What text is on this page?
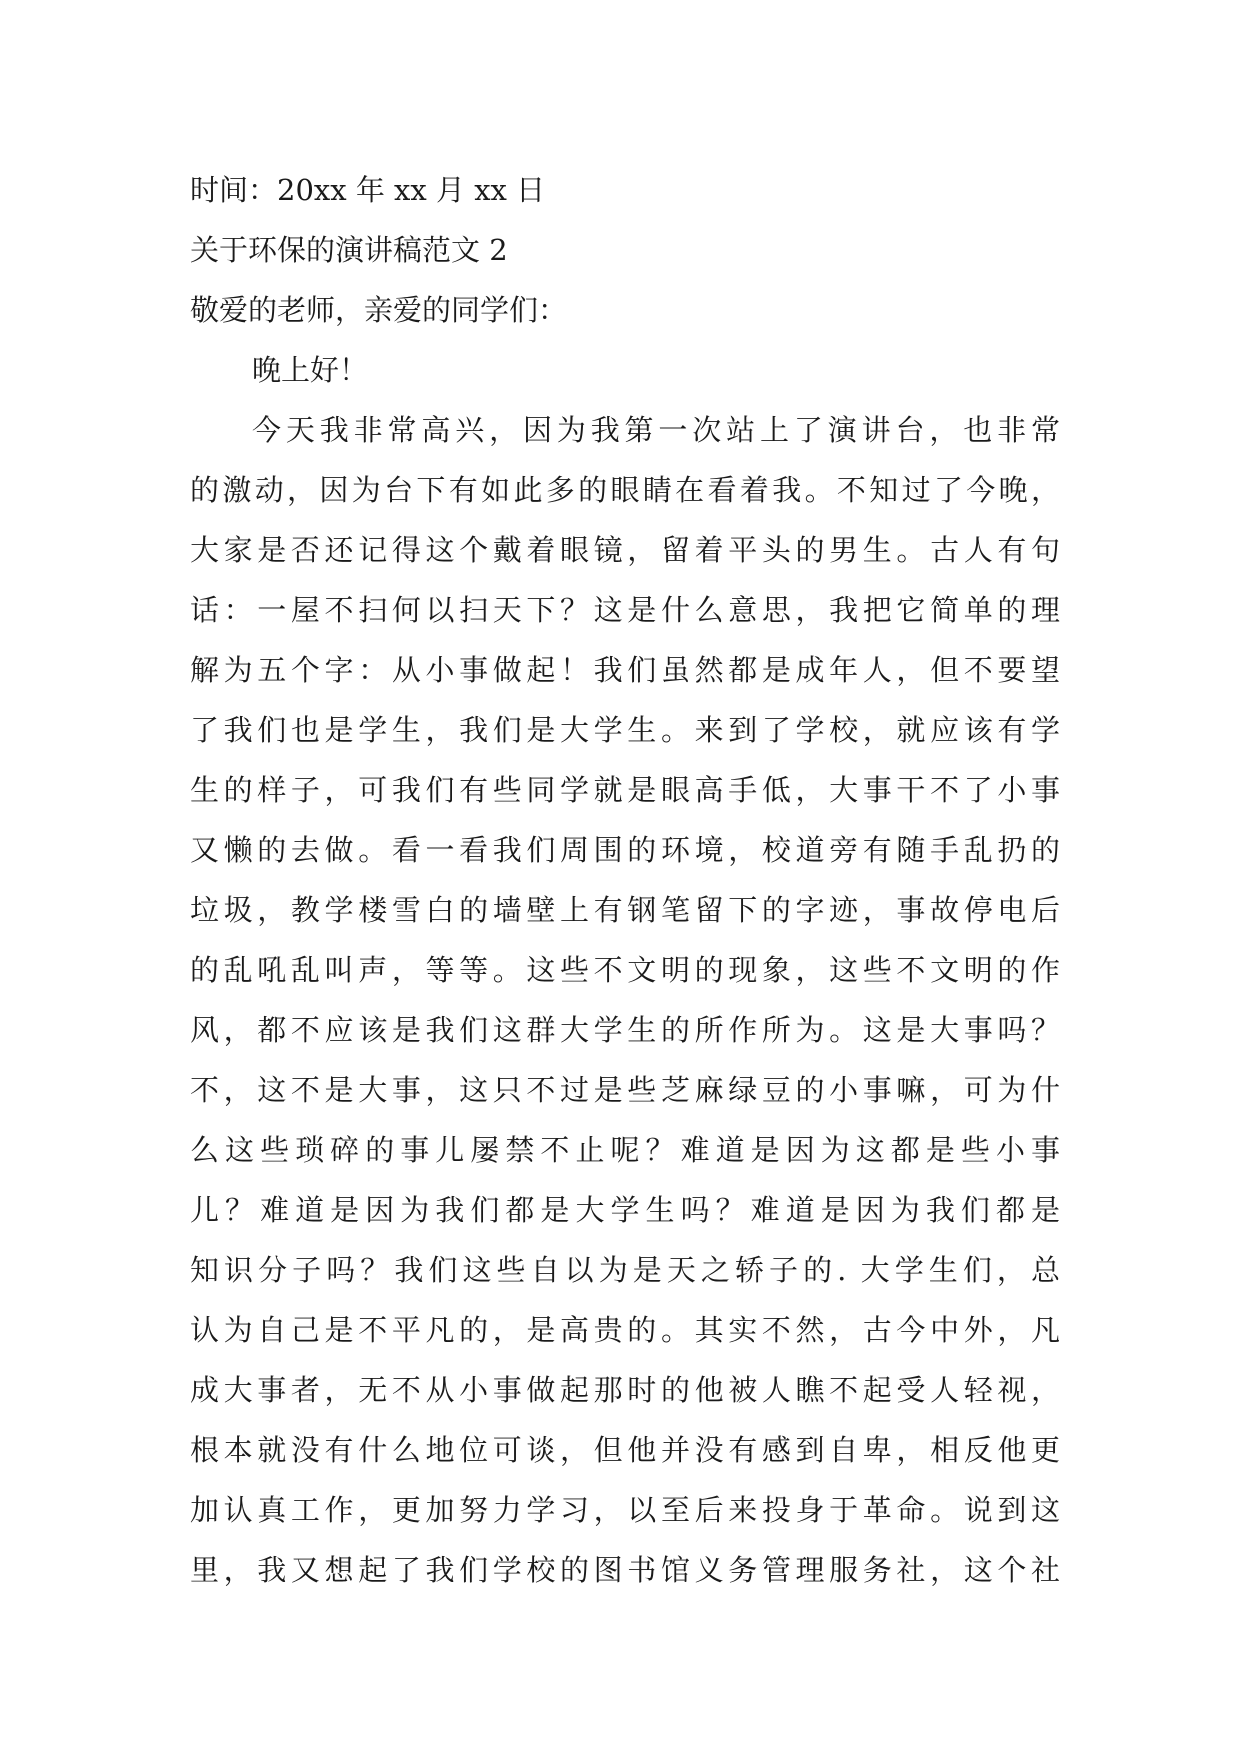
时间：20xx 年 xx 月 xx 日
关于环保的演讲稿范文 2
敬爱的老师，亲爱的同学们：
晚上好！
今天我非常高兴，因为我第一次站上了演讲台，也非常
的激动，因为台下有如此多的眼睛在看着我。不知过了今晚，
大家是否还记得这个戴着眼镜，留着平头的男生。古人有句
话：一屋不扫何以扫天下？这是什么意思，我把它简单的理
解为五个字：从小事做起！我们虽然都是成年人，但不要望
了我们也是学生，我们是大学生。来到了学校，就应该有学
生的样子，可我们有些同学就是眼高手低，大事干不了小事
又懒的去做。看一看我们周围的环境，校道旁有随手乱扔的
垃圾，教学楼雪白的墙壁上有钢笔留下的字迹，事故停电后
的乱吼乱叫声，等等。这些不文明的现象，这些不文明的作
风，都不应该是我们这群大学生的所作所为。这是大事吗？
不，这不是大事，这只不过是些芝麻绿豆的小事嘛，可为什
么这些琐碎的事儿屡禁不止呢？难道是因为这都是些小事
儿？难道是因为我们都是大学生吗？难道是因为我们都是
知识分子吗？我们这些自以为是天之轿子的. 大学生们，总
认为自己是不平凡的，是高贵的。其实不然，古今中外，凡
成大事者，无不从小事做起那时的他被人瞧不起受人轻视，
根本就没有什么地位可谈，但他并没有感到自卑，相反他更
加认真工作，更加努力学习，以至后来投身于革命。说到这
里，我又想起了我们学校的图书馆义务管理服务社，这个社
